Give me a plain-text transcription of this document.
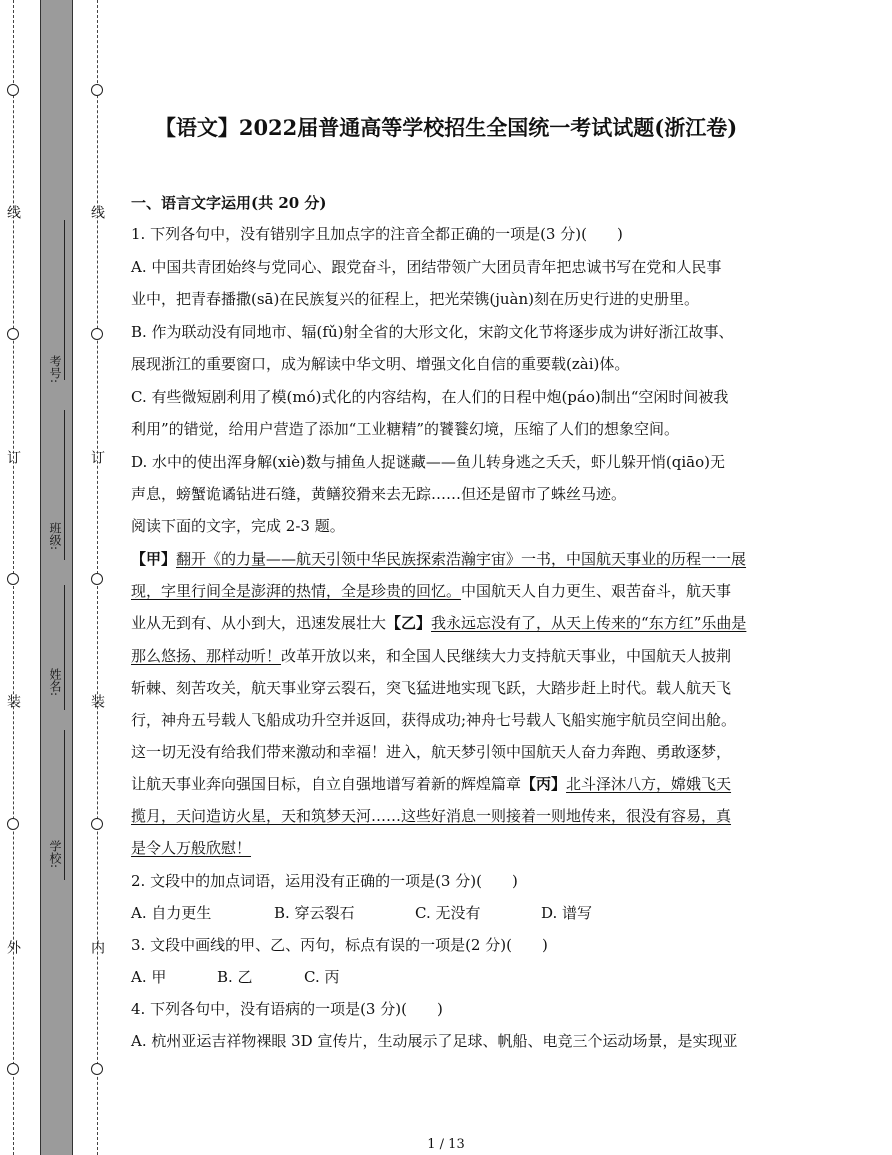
线
订
装
外
线
订
装
内
考号:
班级:
姓名:
学校:
【语文】2022届普通高等学校招生全国统一考试试题(浙江卷)
一、语言文字运用(共 20 分)
1. 下列各句中，没有错别字且加点字的注音全都正确的一项是(3 分)(　　)
A. 中国共青团始终与党同心、跟党奋斗，团结带领广大团员青年把忠诚书写在党和人民事
业中，把青春播撒(sā)在民族复兴的征程上，把光荣镌(juàn)刻在历史行进的史册里。
B. 作为联动没有同地市、辐(fǔ)射全省的大形文化，宋韵文化节将逐步成为讲好浙江故事、
展现浙江的重要窗口，成为解读中华文明、增强文化自信的重要载(zài)体。
C. 有些微短剧利用了模(mó)式化的内容结构，在人们的日程中炮(páo)制出“空闲时间被我
利用”的错觉，给用户营造了添加“工业糖精”的饕餮幻境，压缩了人们的想象空间。
D. 水中的使出浑身解(xiè)数与捕鱼人捉谜藏——鱼儿转身逃之夭夭，虾儿躲开悄(qiāo)无
声息，螃蟹诡谲钻进石缝，黄鳝狡猾来去无踪……但还是留市了蛛丝马迹。
阅读下面的文字，完成 2-3 题。
【甲】翻开《的力量——航天引领中华民族探索浩瀚宇宙》一书，中国航天事业的历程一一展
现，字里行间全是澎湃的热情，全是珍贵的回忆。中国航天人自力更生、艰苦奋斗，航天事
业从无到有、从小到大，迅速发展壮大【乙】我永远忘没有了，从天上传来的“东方红”乐曲是
那么悠扬、那样动听！改革开放以来，和全国人民继续大力支持航天事业，中国航天人披荆
斩棘、刻苦攻关，航天事业穿云裂石，突飞猛进地实现飞跃，大踏步赶上时代。载人航天飞
行，神舟五号载人飞船成功升空并返回，获得成功;神舟七号载人飞船实施宇航员空间出舱。
这一切无没有给我们带来激动和幸福！进入，航天梦引领中国航天人奋力奔跑、勇敢逐梦，
让航天事业奔向强国目标，自立自强地谱写着新的辉煌篇章【丙】北斗泽沐八方，嫦娥飞天
揽月，天问造访火星，天和筑梦天河……这些好消息一则接着一则地传来，很没有容易，真
是令人万般欣慰！
2. 文段中的加点词语，运用没有正确的一项是(3 分)(　　)
A. 自力更生	B. 穿云裂石	C. 无没有	D. 谱写
3. 文段中画线的甲、乙、丙句，标点有误的一项是(2 分)(　　)
A. 甲	B. 乙	C. 丙
4. 下列各句中，没有语病的一项是(3 分)(　　)
A. 杭州亚运吉祥物裸眼 3D 宣传片，生动展示了足球、帆船、电竞三个运动场景，是实现亚
1 / 13
